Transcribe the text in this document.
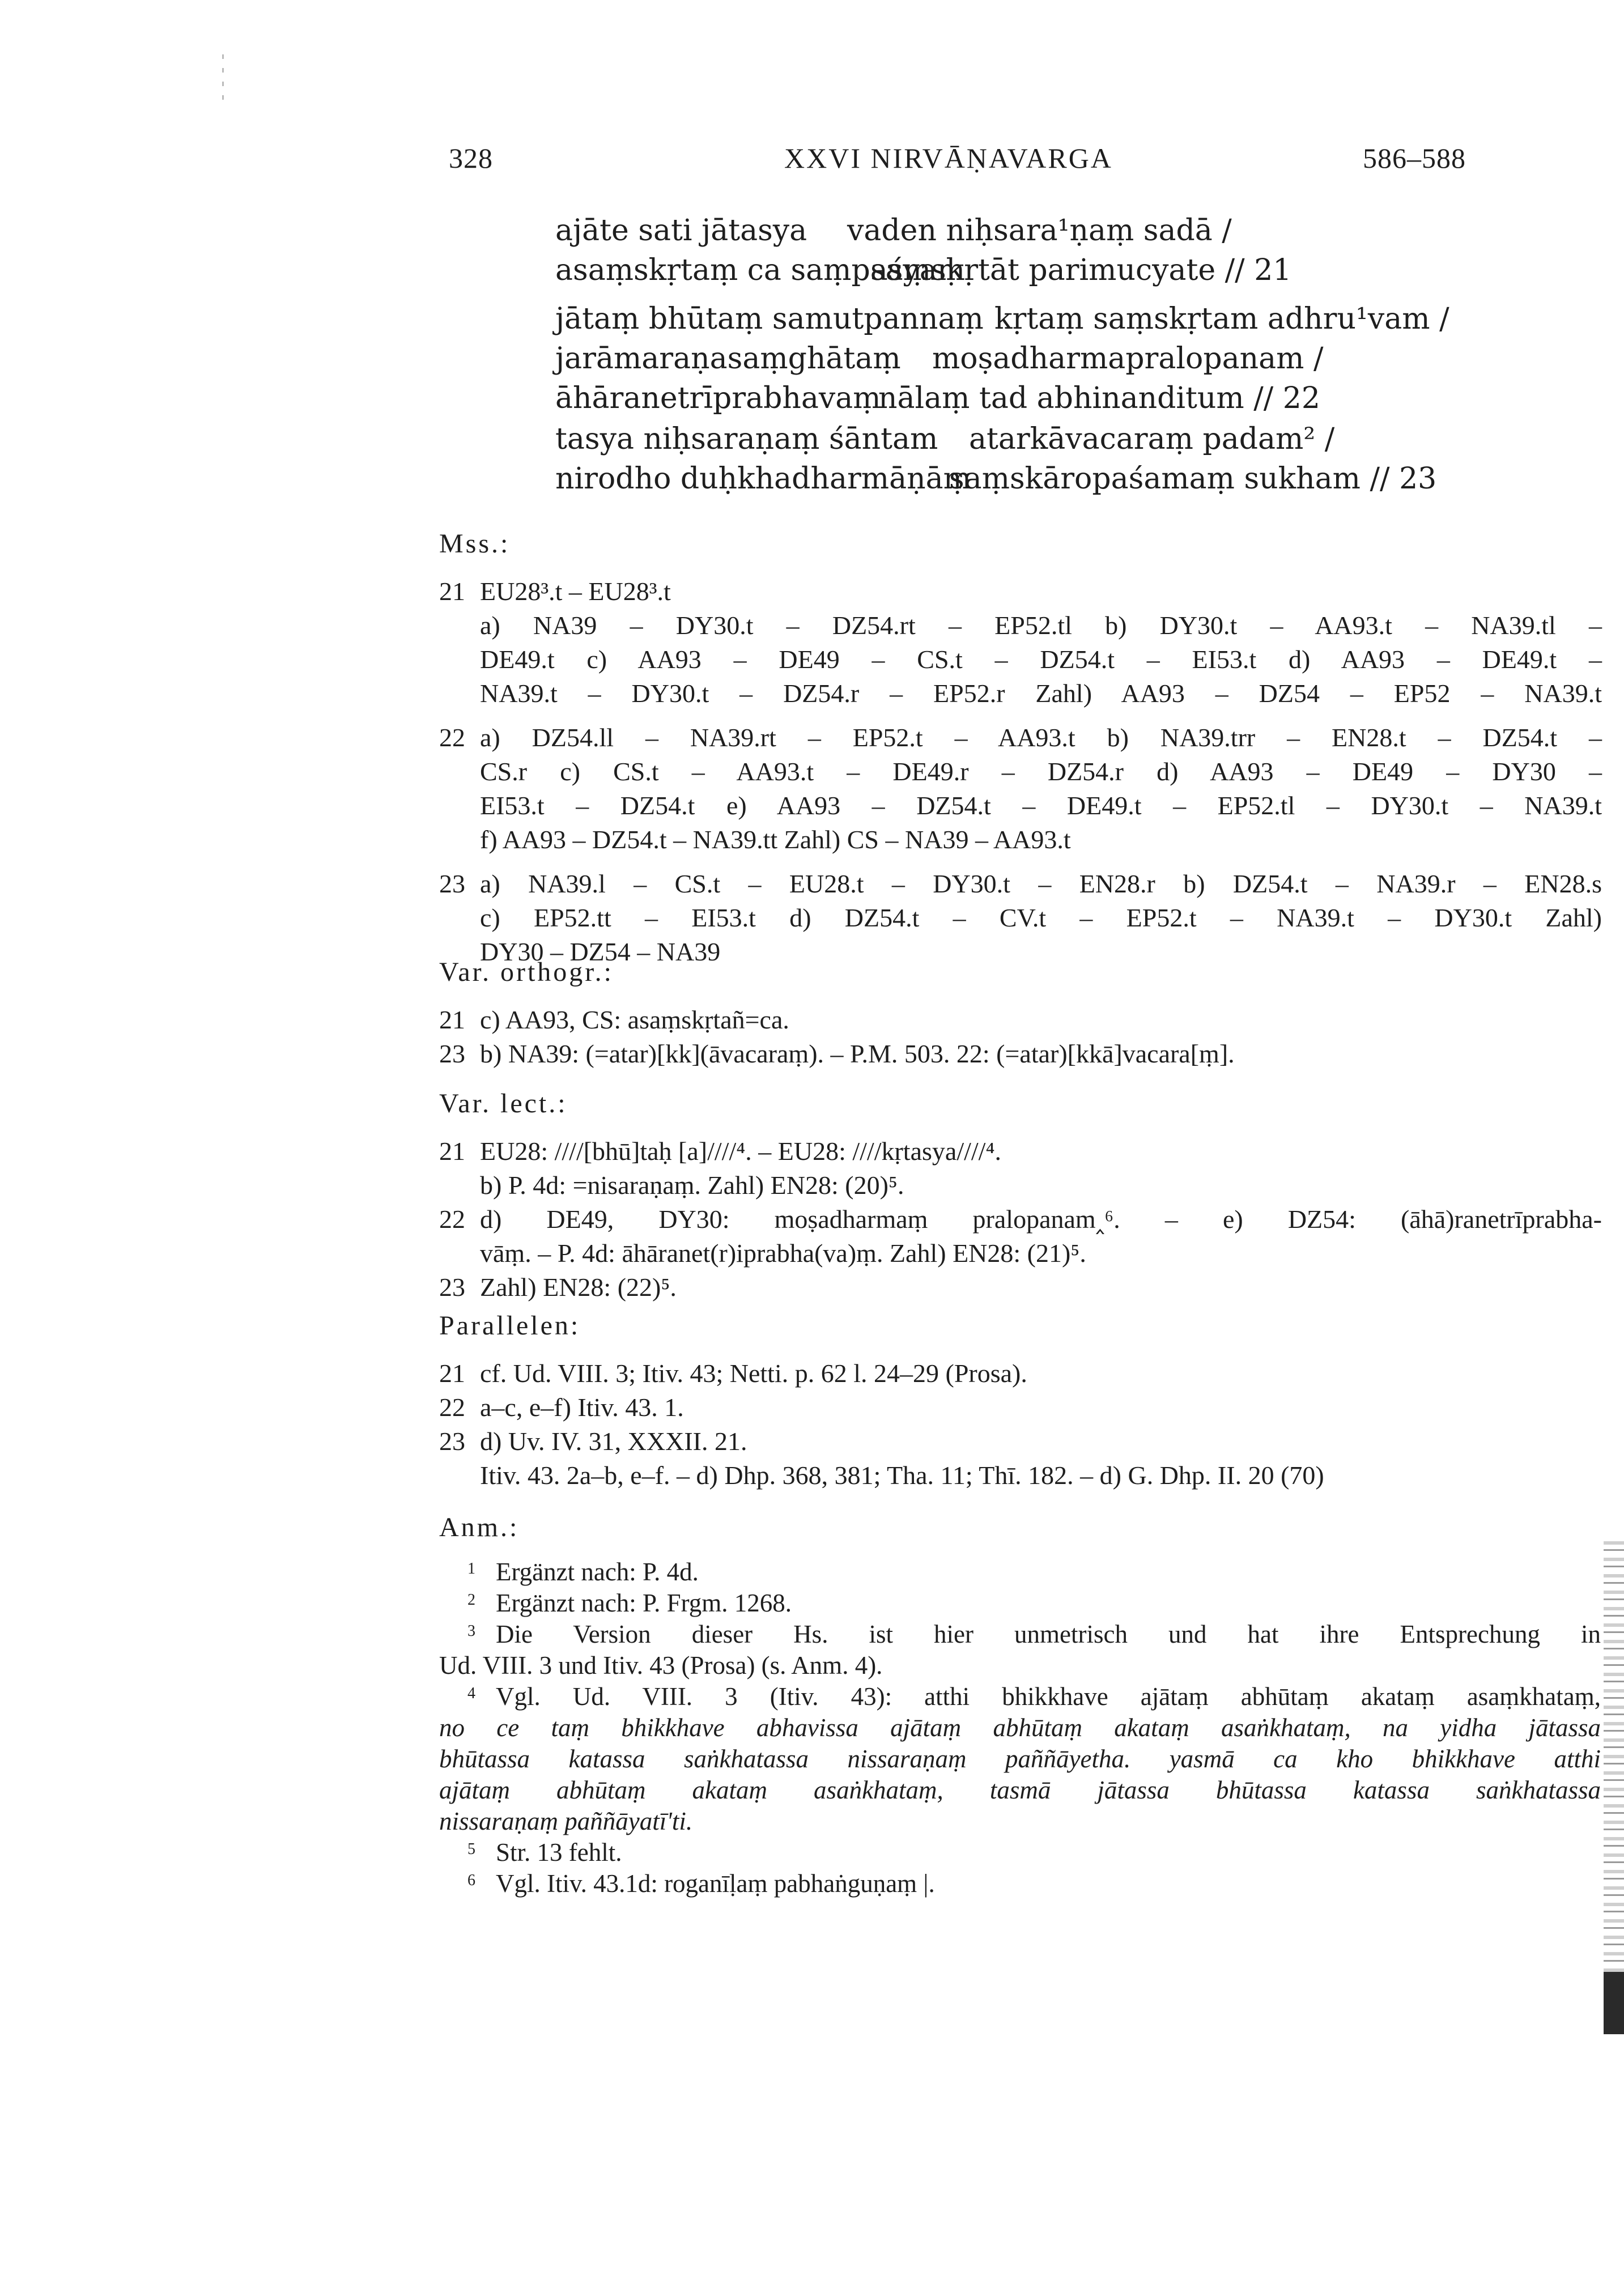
328	XXVI NIRVĀṆAVARGA	586–588
ajāte sati jātasya vaden niḥsara¹ṇaṃ sadā /
asaṃskṛtaṃ ca saṃpaśyaṃ
saṃskṛtāt parimucyate // 21
jātaṃ bhūtaṃ samutpannaṃ kṛtaṃ saṃskṛtam adhru¹vam /
jarāmaraṇasaṃghātaṃ moṣadharmapralopanam /
āhāranetrīprabhavaṃ
nālaṃ tad abhinanditum // 22
tasya niḥsaraṇaṃ śāntam atarkāvacaraṃ padam² /
nirodho duḥkhadharmāṇāṃ
saṃskāropaśamaṃ sukham // 23
Mss.:
21 EU28³.t – EU28³.t
a) NA39 – DY30.t – DZ54.rt – EP52.tl b) DY30.t – AA93.t – NA39.tl –
DE49.t c) AA93 – DE49 – CS.t – DZ54.t – EI53.t d) AA93 – DE49.t –
NA39.t – DY30.t – DZ54.r – EP52.r Zahl) AA93 – DZ54 – EP52 – NA39.t
22 a) DZ54.ll – NA39.rt – EP52.t – AA93.t b) NA39.trr – EN28.t – DZ54.t –
CS.r c) CS.t – AA93.t – DE49.r – DZ54.r d) AA93 – DE49 – DY30 –
EI53.t – DZ54.t e) AA93 – DZ54.t – DE49.t – EP52.tl – DY30.t – NA39.t
f) AA93 – DZ54.t – NA39.tt Zahl) CS – NA39 – AA93.t
23 a) NA39.l – CS.t – EU28.t – DY30.t – EN28.r b) DZ54.t – NA39.r – EN28.s
c) EP52.tt – EI53.t d) DZ54.t – CV.t – EP52.t – NA39.t – DY30.t Zahl)
DY30 – DZ54 – NA39
Var. orthogr.:
21 c) AA93, CS: asaṃskṛtañ=ca.
23 b) NA39: (=atar)[kk](āvacaraṃ). – P.M. 503. 22: (=atar)[kkā]vacara[ṃ].
Var. lect.:
21 EU28: ////[bhū]taḥ [a]////⁴. – EU28: ////kṛtasya////⁴.
b) P. 4d: =nisaraṇaṃ. Zahl) EN28: (20)⁵.
22 d) DE49, DY30: moṣadharmaṃ pralopanam‸⁶. – e) DZ54: (āhā)ranetrīprabha-
vāṃ. – P. 4d: āhāranet(r)iprabha(va)ṃ. Zahl) EN28: (21)⁵.
23 Zahl) EN28: (22)⁵.
Parallelen:
21 cf. Ud. VIII. 3; Itiv. 43; Netti. p. 62 l. 24–29 (Prosa).
22 a–c, e–f) Itiv. 43. 1.
23 d) Uv. IV. 31, XXXII. 21.
Itiv. 43. 2a–b, e–f. – d) Dhp. 368, 381; Tha. 11; Thī. 182. – d) G. Dhp. II. 20 (70)
Anm.:
1 Ergänzt nach: P. 4d.
2 Ergänzt nach: P. Frgm. 1268.
3 Die Version dieser Hs. ist hier unmetrisch und hat ihre Entsprechung in
Ud. VIII. 3 und Itiv. 43 (Prosa) (s. Anm. 4).
4 Vgl. Ud. VIII. 3 (Itiv. 43): atthi bhikkhave ajātaṃ abhūtaṃ akataṃ asaṃkhataṃ,
no ce taṃ bhikkhave abhavissa ajātaṃ abhūtaṃ akataṃ asaṅkhataṃ, na yidha jātassa
bhūtassa katassa saṅkhatassa nissaraṇaṃ paññāyetha. yasmā ca kho bhikkhave atthi
ajātaṃ abhūtaṃ akataṃ asaṅkhataṃ, tasmā jātassa bhūtassa katassa saṅkhatassa
nissaraṇaṃ paññāyatī'ti.
5 Str. 13 fehlt.
6 Vgl. Itiv. 43.1d: roganīḷaṃ pabhaṅguṇaṃ |.
